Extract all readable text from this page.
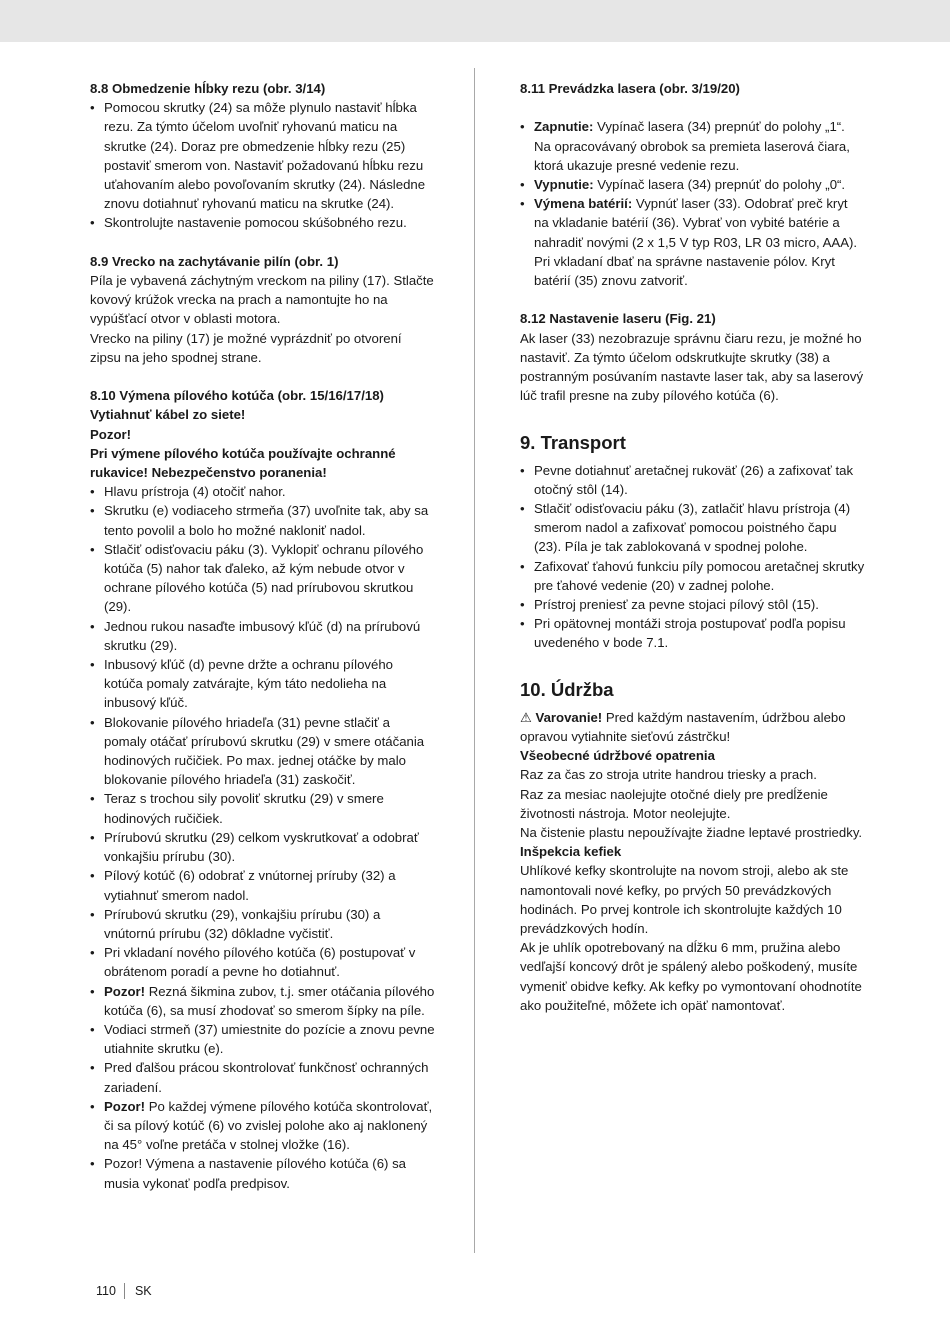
8.8 Obmedzenie hĺbky rezu (obr. 3/14)
• Pomocou skrutky (24) sa môže plynulo nastaviť hĺbka rezu. Za týmto účelom uvoľniť ryhovanú maticu na skrutke (24). Doraz pre obmedzenie hĺbky rezu (25) postaviť smerom von. Nastaviť požadovanú hĺbku rezu uťahovaním alebo povoľovaním skrutky (24). Následne znovu dotiahnuť ryhovanú maticu na skrutke (24).
• Skontrolujte nastavenie pomocou skúšobného rezu.
8.9 Vrecko na zachytávanie pilín (obr. 1)
Píla je vybavená záchytným vreckom na piliny (17). Stlačte kovový krúžok vrecka na prach a namontujte ho na vypúšťací otvor v oblasti motora.
Vrecko na piliny (17) je možné vyprázdniť po otvorení zipsu na jeho spodnej strane.
8.10 Výmena pílového kotúča (obr. 15/16/17/18)
Vytiahnuť kábel zo siete!
Pozor!
Pri výmene pílového kotúča používajte ochranné rukavice! Nebezpečenstvo poranenia!
• Hlavu prístroja (4) otočiť nahor.
• Skrutku (e) vodiaceho strmeňa (37) uvoľnite tak, aby sa tento povolil a bolo ho možné nakloniť nadol.
• Stlačiť odisťovaciu páku (3). Vyklopiť ochranu pílového kotúča (5) nahor tak ďaleko, až kým nebude otvor v ochrane pílového kotúča (5) nad prírubovou skrutkou (29).
• Jednou rukou nasaďte imbusový kľúč (d) na prírubovú skrutku (29).
• Inbusový kľúč (d) pevne držte a ochranu pílového kotúča pomaly zatvárajte, kým táto nedolieha na inbusový kľúč.
• Blokovanie pílového hriadeľa (31) pevne stlačiť a pomaly otáčať prírubovú skrutku (29) v smere otáčania hodinových ručičiek. Po max. jednej otáčke by malo blokovanie pílového hriadeľa (31) zaskočiť.
• Teraz s trochou sily povoliť skrutku (29) v smere hodinových ručičiek.
• Prírubovú skrutku (29) celkom vyskrutkovať a odobrať vonkajšiu prírubu (30).
• Pílový kotúč (6) odobrať z vnútornej príruby (32) a vytiahnuť smerom nadol.
• Prírubovú skrutku (29), vonkajšiu prírubu (30) a vnútornú prírubu (32) dôkladne vyčistiť.
• Pri vkladaní nového pílového kotúča (6) postupovať v obrátenom poradí a pevne ho dotiahnuť.
• Pozor! Rezná šikmina zubov, t.j. smer otáčania pílového kotúča (6), sa musí zhodovať so smerom šípky na píle.
• Vodiaci strmeň (37) umiestnite do pozície a znovu pevne utiahnite skrutku (e).
• Pred ďalšou prácou skontrolovať funkčnosť ochranných zariadení.
• Pozor! Po každej výmene pílového kotúča skontrolovať, či sa pílový kotúč (6) vo zvislej polohe ako aj naklonený na 45° voľne pretáča v stolnej vložke (16).
• Pozor! Výmena a nastavenie pílového kotúča (6) sa musia vykonať podľa predpisov.
8.11 Prevádzka lasera (obr. 3/19/20)
• Zapnutie: Vypínač lasera (34) prepnúť do polohy „1“. Na opracovávaný obrobok sa premieta laserová čiara, ktorá ukazuje presné vedenie rezu.
• Vypnutie: Vypínač lasera (34) prepnúť do polohy „0“.
• Výmena batérií: Vypnúť laser (33). Odobrať preč kryt na vkladanie batérií (36). Vybrať von vybité batérie a nahradiť novými (2 x 1,5 V typ R03, LR 03 micro, AAA). Pri vkladaní dbať na správne nastavenie pólov. Kryt batérií (35) znovu zatvoriť.
8.12 Nastavenie laseru (Fig. 21)
Ak laser (33) nezobrazuje správnu čiaru rezu, je možné ho nastaviť. Za týmto účelom odskrutkujte skrutky (38) a postranným posúvaním nastavte laser tak, aby sa laserový lúč trafil presne na zuby pílového kotúča (6).
9. Transport
• Pevne dotiahnuť aretačnej rukoväť (26) a zafixovať tak otočný stôl (14).
• Stlačiť odisťovaciu páku (3), zatlačiť hlavu prístroja (4) smerom nadol a zafixovať pomocou poistného čapu (23). Píla je tak zablokovaná v spodnej polohe.
• Zafixovať ťahovú funkciu píly pomocou aretačnej skrutky pre ťahové vedenie (20) v zadnej polohe.
• Prístroj preniesť za pevne stojaci pílový stôl (15).
• Pri opätovnej montáži stroja postupovať podľa popisu uvedeného v bode 7.1.
10. Údržba
⚠ Varovanie! Pred každým nastavením, údržbou alebo opravou vytiahnite sieťovú zástrčku!
Všeobecné údržbové opatrenia
Raz za čas zo stroja utrite handrou triesky a prach.
Raz za mesiac naolejujte otočné diely pre predĺženie životnosti nástroja. Motor neolejujte.
Na čistenie plastu nepoužívajte žiadne leptavé prostriedky.
Inšpekcia kefiek
Uhlíkové kefky skontrolujte na novom stroji, alebo ak ste namontovali nové kefky, po prvých 50 prevádzkových hodinách. Po prvej kontrole ich skontrolujte každých 10 prevádzkových hodín.
Ak je uhlík opotrebovaný na dĺžku 6 mm, pružina alebo vedľajší koncový drôt je spálený alebo poškodený, musíte vymeniť obidve kefky. Ak kefky po vymontovaní ohodnotíte ako použiteľné, môžete ich opäť namontovať.
110 SK
